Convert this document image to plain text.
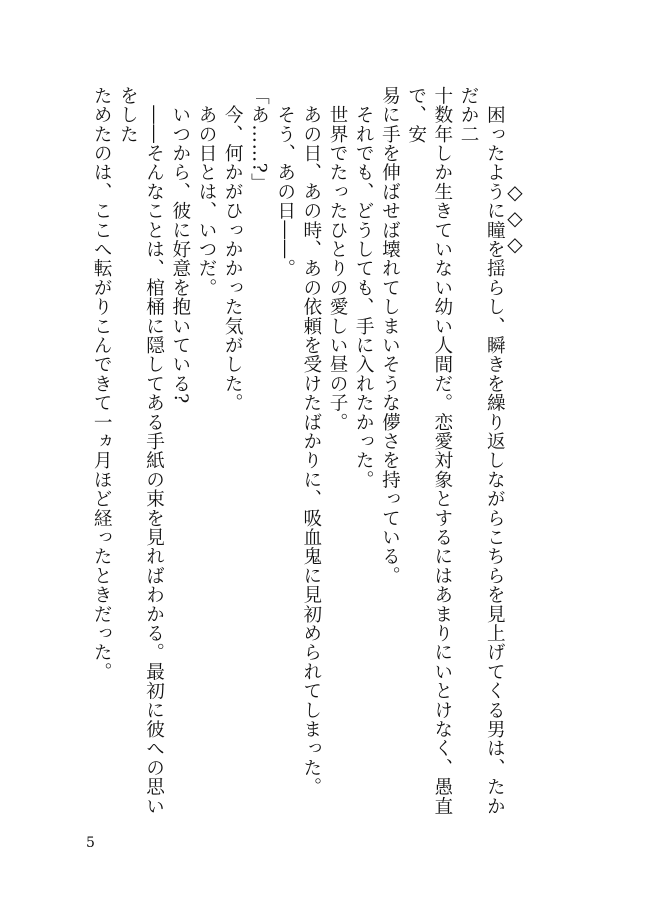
◇◇◇

　困ったように瞳を揺らし、瞬きを繰り返しながらこちらを見上げてくる男は、たかだか二
十数年しか生きていない幼い人間だ。恋愛対象とするにはあまりにいとけなく、愚直で、安
易に手を伸ばせば壊れてしまいそうな儚さを持っている。
　それでも、どうしても、手に入れたかった。
　世界でたったひとりの愛しい昼の子。
　あの日、あの時、あの依頼を受けたばかりに、吸血鬼に見初められてしまった。
　そう、あの日――。
「あ……?」
　今、何かがひっかかった気がした。
　あの日とは、いつだ。
　いつから、彼に好意を抱いている?
　――そんなことは、棺桶に隠してある手紙の束を見ればわかる。最初に彼への思いをした
ためたのは、ここへ転がりこんできて一ヵ月ほど経ったときだった。

5
